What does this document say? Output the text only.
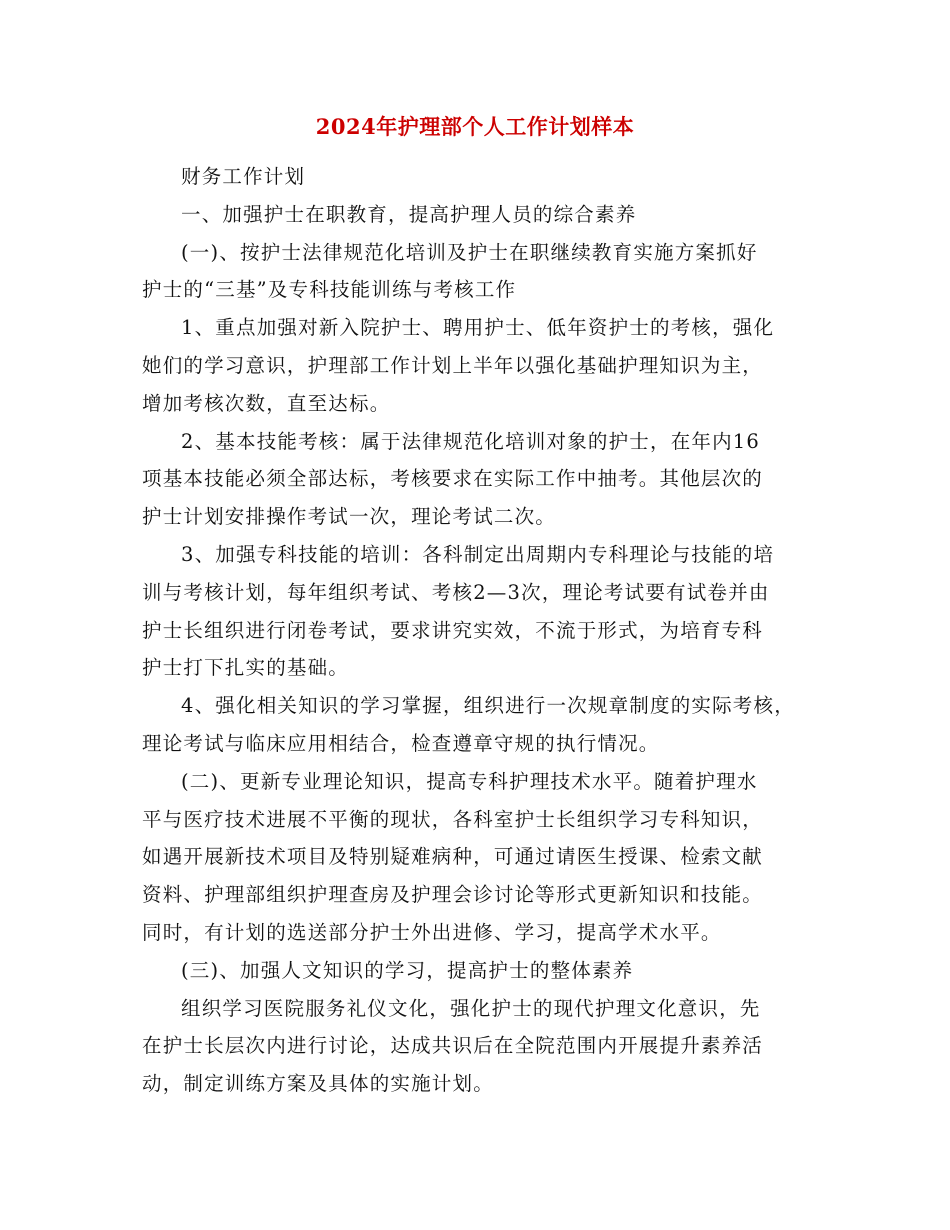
2024年护理部个人工作计划样本

财务工作计划

一、加强护士在职教育，提高护理人员的综合素养

(一)、按护士法律规范化培训及护士在职继续教育实施方案抓好
护士的“三基”及专科技能训练与考核工作

1、重点加强对新入院护士、聘用护士、低年资护士的考核，强化
她们的学习意识，护理部工作计划上半年以强化基础护理知识为主，
增加考核次数，直至达标。

2、基本技能考核：属于法律规范化培训对象的护士，在年内16
项基本技能必须全部达标，考核要求在实际工作中抽考。其他层次的
护士计划安排操作考试一次，理论考试二次。

3、加强专科技能的培训：各科制定出周期内专科理论与技能的培
训与考核计划，每年组织考试、考核2—3次，理论考试要有试卷并由
护士长组织进行闭卷考试，要求讲究实效，不流于形式，为培育专科
护士打下扎实的基础。

4、强化相关知识的学习掌握，组织进行一次规章制度的实际考核，
理论考试与临床应用相结合，检查遵章守规的执行情况。

(二)、更新专业理论知识，提高专科护理技术水平。随着护理水
平与医疗技术进展不平衡的现状，各科室护士长组织学习专科知识，
如遇开展新技术项目及特别疑难病种，可通过请医生授课、检索文献
资料、护理部组织护理查房及护理会诊讨论等形式更新知识和技能。
同时，有计划的选送部分护士外出进修、学习，提高学术水平。

(三)、加强人文知识的学习，提高护士的整体素养

组织学习医院服务礼仪文化，强化护士的现代护理文化意识，先
在护士长层次内进行讨论，达成共识后在全院范围内开展提升素养活
动，制定训练方案及具体的实施计划。
